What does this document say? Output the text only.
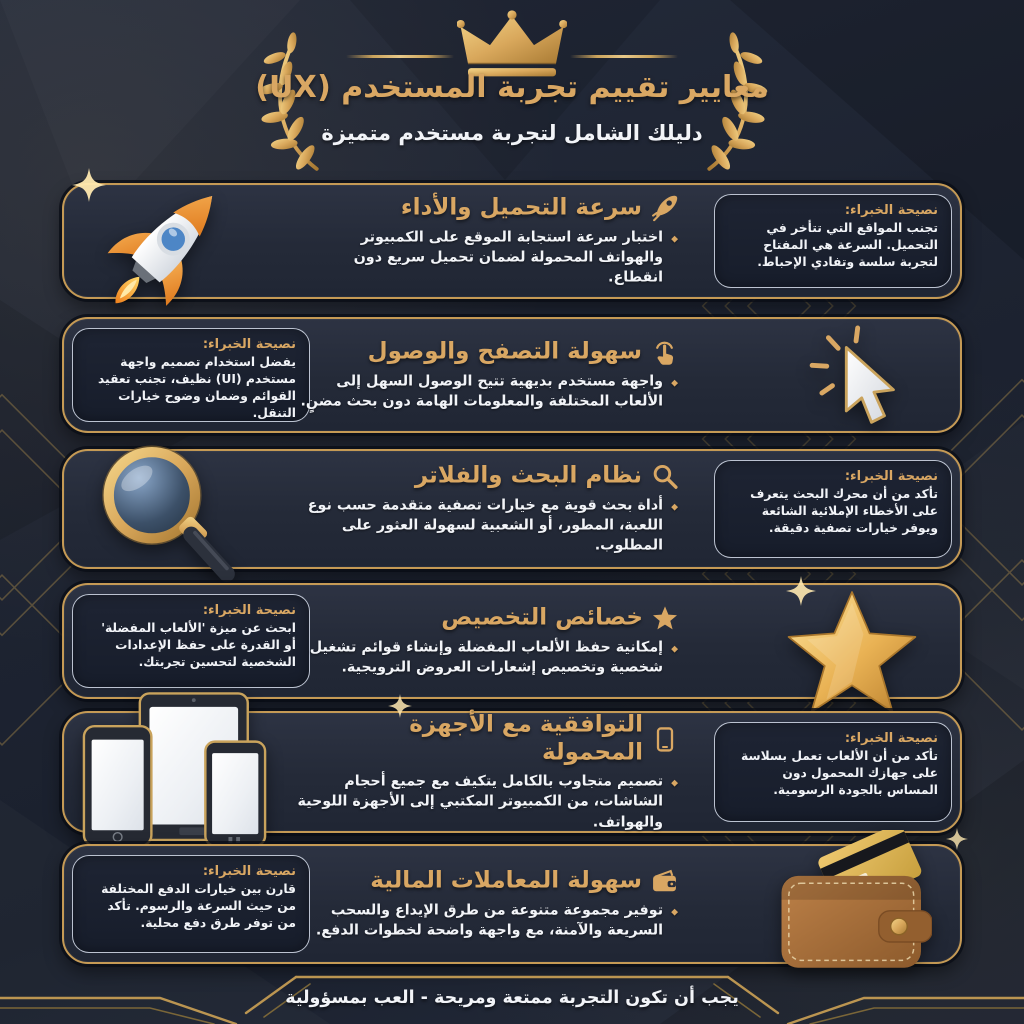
معايير تقييم تجربة المستخدم (UX)
دليلك الشامل لتجربة مستخدم متميزة
سرعة التحميل والأداء
◆
اختبار سرعة استجابة الموقع على الكمبيوتر والهواتف المحمولة لضمان تحميل سريع دون انقطاع.
نصيحة الخبراء:
تجنب المواقع التي تتأخر في التحميل. السرعة هي المفتاح لتجربة سلسة وتفادي الإحباط.
نصيحة الخبراء:
يفضل استخدام تصميم واجهة مستخدم (UI) نظيف، تجنب تعقيد القوائم وضمان وضوح خيارات التنقل.
سهولة التصفح والوصول
◆
واجهة مستخدم بديهية تتيح الوصول السهل إلى الألعاب المختلفة والمعلومات الهامة دون بحث مضنٍ.
نظام البحث والفلاتر
◆
أداة بحث قوية مع خيارات تصفية متقدمة حسب نوع اللعبة، المطور، أو الشعبية لسهولة العثور على المطلوب.
نصيحة الخبراء:
تأكد من أن محرك البحث يتعرف على الأخطاء الإملائية الشائعة ويوفر خيارات تصفية دقيقة.
نصيحة الخبراء:
ابحث عن ميزة 'الألعاب المفضلة' أو القدرة على حفظ الإعدادات الشخصية لتحسين تجربتك.
خصائص التخصيص
◆
إمكانية حفظ الألعاب المفضلة وإنشاء قوائم تشغيل شخصية وتخصيص إشعارات العروض الترويجية.
التوافقية مع الأجهزة المحمولة
◆
تصميم متجاوب بالكامل يتكيف مع جميع أحجام الشاشات، من الكمبيوتر المكتبي إلى الأجهزة اللوحية والهواتف.
نصيحة الخبراء:
تأكد من أن الألعاب تعمل بسلاسة على جهازك المحمول دون المساس بالجودة الرسومية.
نصيحة الخبراء:
قارن بين خيارات الدفع المختلفة من حيث السرعة والرسوم. تأكد من توفر طرق دفع محلية.
سهولة المعاملات المالية
◆
توفير مجموعة متنوعة من طرق الإيداع والسحب السريعة والآمنة، مع واجهة واضحة لخطوات الدفع.
يجب أن تكون التجربة ممتعة ومريحة - العب بمسؤولية
